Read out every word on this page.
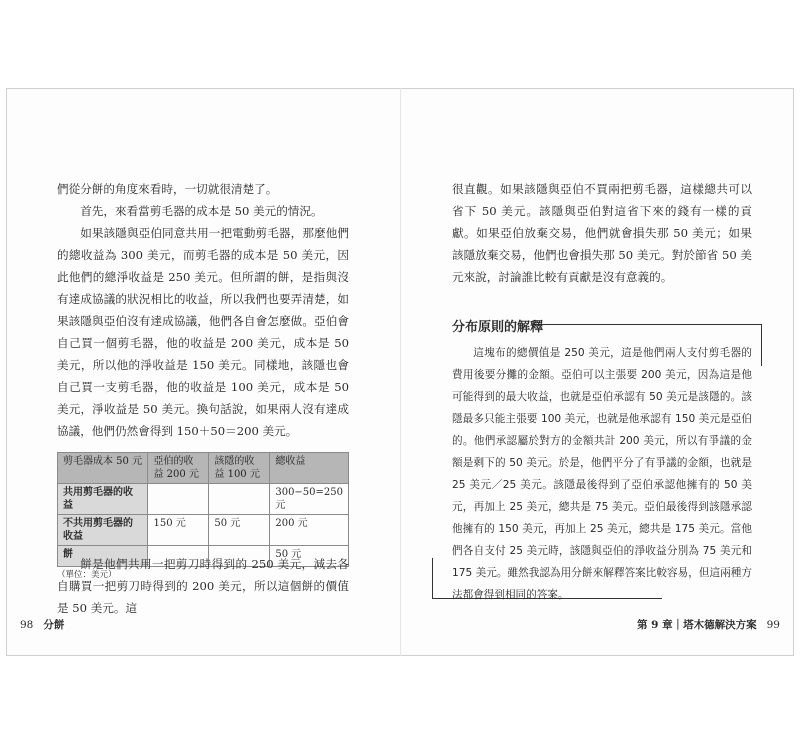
們從分餅的角度來看時，一切就很清楚了。

首先，來看當剪毛器的成本是 50 美元的情況。

如果該隱與亞伯同意共用一把電動剪毛器，那麼他們的總收益為 300 美元，而剪毛器的成本是 50 美元，因此他們的總淨收益是 250 美元。但所謂的餅，是指與沒有達成協議的狀況相比的收益，所以我們也要弄清楚，如果該隱與亞伯沒有達成協議，他們各自會怎麼做。亞伯會自己買一個剪毛器，他的收益是 200 美元，成本是 50 美元，所以他的淨收益是 150 美元。同樣地，該隱也會自己買一支剪毛器，他的收益是 100 美元，成本是 50 美元，淨收益是 50 美元。換句話說，如果兩人沒有達成協議，他們仍然會得到 150＋50＝200 美元。

剪毛器成本 50 元	亞伯的收益 200 元	該隱的收益 100 元	總收益
共用剪毛器的收益			300−50=250 元
不共用剪毛器的收益	150 元	50 元	200 元
餅			50 元
（單位：美元）

餅是他們共用一把剪刀時得到的 250 美元，減去各自購買一把剪刀時得到的 200 美元，所以這個餅的價值是 50 美元。這

98 分餅

很直觀。如果該隱與亞伯不買兩把剪毛器，這樣總共可以省下 50 美元。該隱與亞伯對這省下來的錢有一樣的貢獻。如果亞伯放棄交易，他們就會損失那 50 美元；如果該隱放棄交易，他們也會損失那 50 美元。對於節省 50 美元來說，討論誰比較有貢獻是沒有意義的。

分布原則的解釋

這塊布的總價值是 250 美元，這是他們兩人支付剪毛器的費用後要分攤的金額。亞伯可以主張要 200 美元，因為這是他可能得到的最大收益，也就是亞伯承認有 50 美元是該隱的。該隱最多只能主張要 100 美元，也就是他承認有 150 美元是亞伯的。他們承認屬於對方的金額共計 200 美元，所以有爭議的金額是剩下的 50 美元。於是，他們平分了有爭議的金額，也就是 25 美元／25 美元。該隱最後得到了亞伯承認他擁有的 50 美元，再加上 25 美元，總共是 75 美元。亞伯最後得到該隱承認他擁有的 150 美元，再加上 25 美元，總共是 175 美元。當他們各自支付 25 美元時，該隱與亞伯的淨收益分別為 75 美元和 175 美元。雖然我認為用分餅來解釋答案比較容易，但這兩種方法都會得到相同的答案。

第 9 章｜塔木德解決方案 99
